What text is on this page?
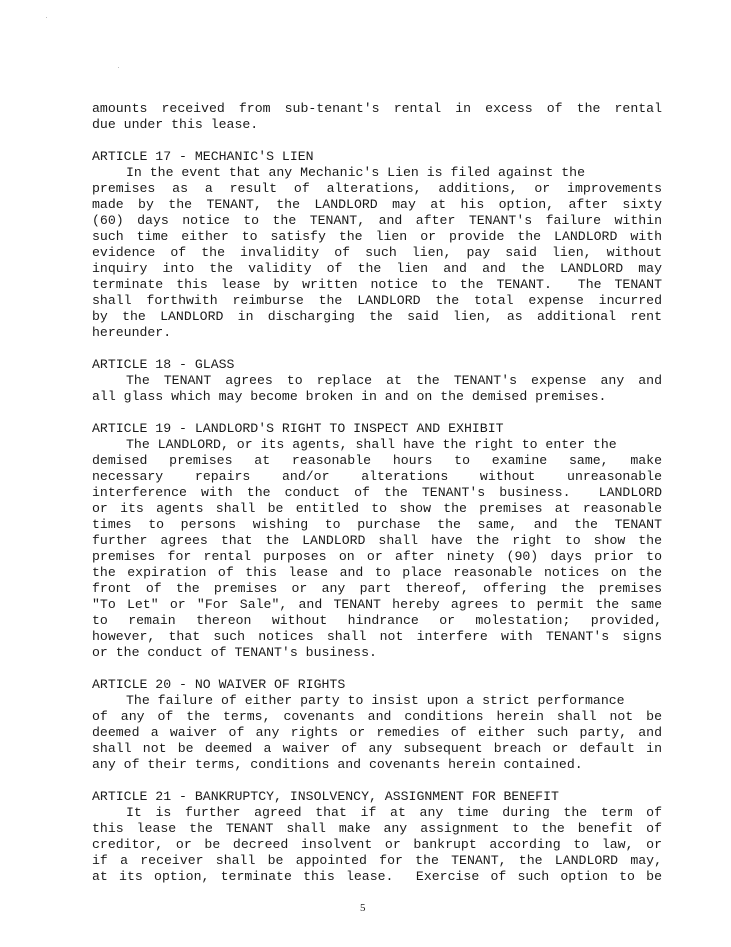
amounts received from sub-tenant's rental in excess of the rental
due under this lease.
ARTICLE 17 - MECHANIC'S LIEN
In the event that any Mechanic's Lien is filed against the
premises as a result of alterations, additions, or improvements
made by the TENANT, the LANDLORD may at his option, after sixty
(60) days notice to the TENANT, and after TENANT's failure within
such time either to satisfy the lien or provide the LANDLORD with
evidence of the invalidity of such lien, pay said lien, without
inquiry into the validity of the lien and and the LANDLORD may
terminate this lease by written notice to the TENANT.  The TENANT
shall forthwith reimburse the LANDLORD the total expense incurred
by the LANDLORD in discharging the said lien, as additional rent
hereunder.
ARTICLE 18 - GLASS
The TENANT agrees to replace at the TENANT's expense any and
all glass which may become broken in and on the demised premises.
ARTICLE 19 - LANDLORD'S RIGHT TO INSPECT AND EXHIBIT
The LANDLORD, or its agents, shall have the right to enter the
demised premises at reasonable hours to examine same, make
necessary repairs and/or alterations without unreasonable
interference with the conduct of the TENANT's business.  LANDLORD
or its agents shall be entitled to show the premises at reasonable
times to persons wishing to purchase the same, and the TENANT
further agrees that the LANDLORD shall have the right to show the
premises for rental purposes on or after ninety (90) days prior to
the expiration of this lease and to place reasonable notices on the
front of the premises or any part thereof, offering the premises
"To Let" or "For Sale", and TENANT hereby agrees to permit the same
to remain thereon without hindrance or molestation; provided,
however, that such notices shall not interfere with TENANT's signs
or the conduct of TENANT's business.
ARTICLE 20 - NO WAIVER OF RIGHTS
The failure of either party to insist upon a strict performance
of any of the terms, covenants and conditions herein shall not be
deemed a waiver of any rights or remedies of either such party, and
shall not be deemed a waiver of any subsequent breach or default in
any of their terms, conditions and covenants herein contained.
ARTICLE 21 - BANKRUPTCY, INSOLVENCY, ASSIGNMENT FOR BENEFIT
It is further agreed that if at any time during the term of
this lease the TENANT shall make any assignment to the benefit of
creditor, or be decreed insolvent or bankrupt according to law, or
if a receiver shall be appointed for the TENANT, the LANDLORD may,
at its option, terminate this lease.  Exercise of such option to be
5
